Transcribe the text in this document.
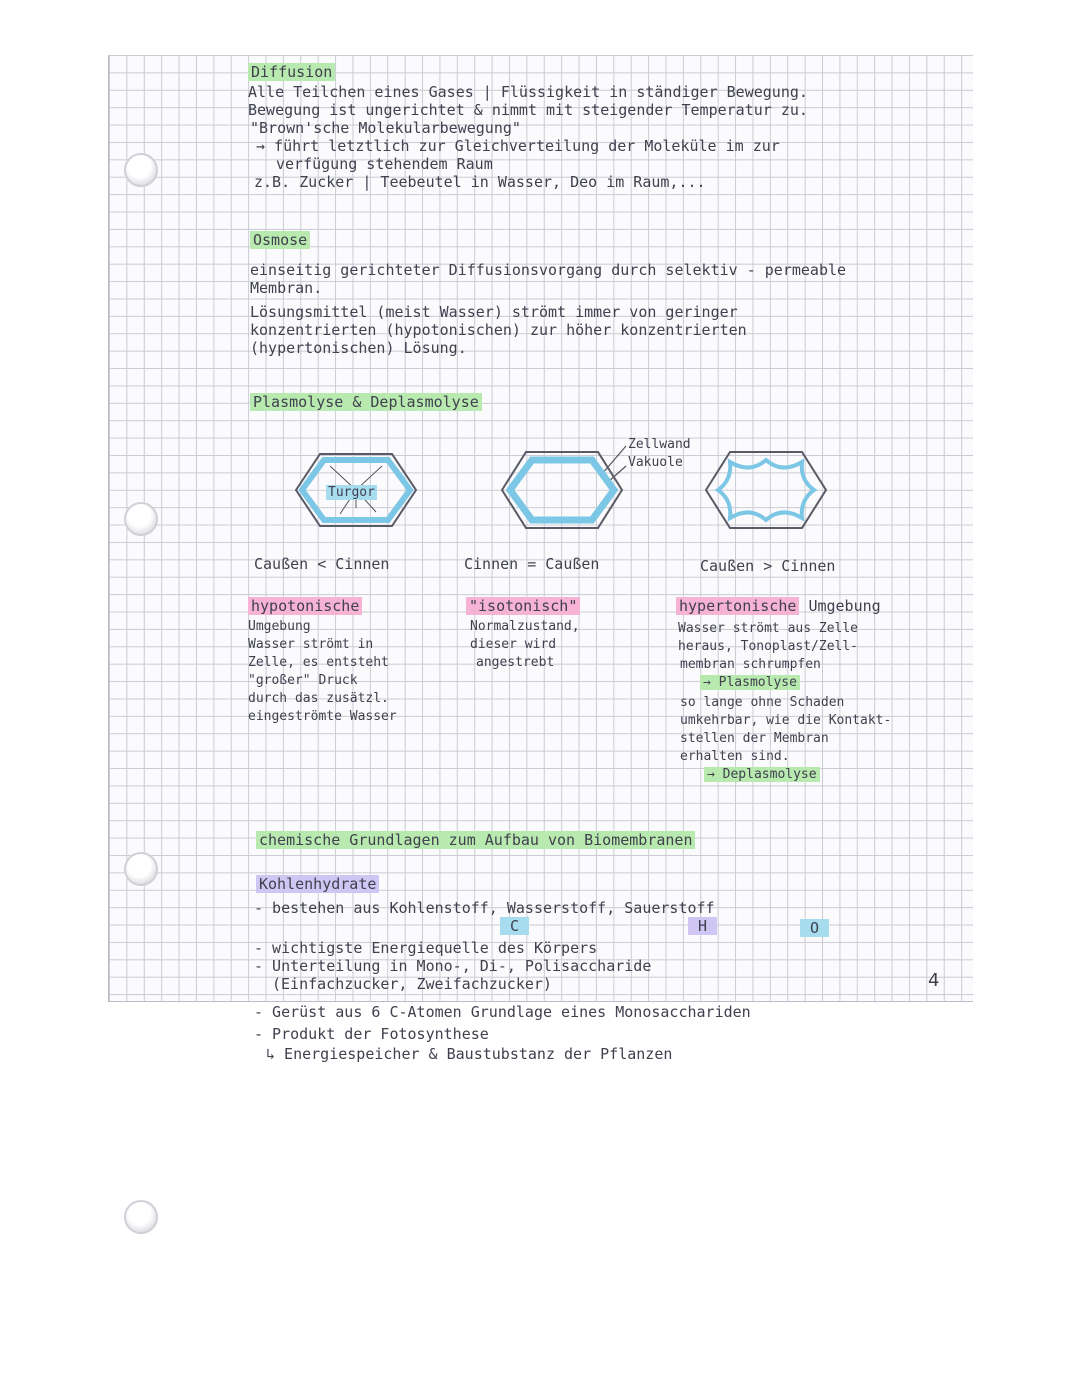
Diffusion
Alle Teilchen eines Gases | Flüssigkeit in ständiger Bewegung.
Bewegung ist ungerichtet & nimmt mit steigender Temperatur zu.
"Brown'sche Molekularbewegung"
→ führt letztlich zur Gleichverteilung der Moleküle im zur
verfügung stehendem Raum
z.B. Zucker | Teebeutel in Wasser, Deo im Raum,...
Osmose
einseitig gerichteter Diffusionsvorgang durch selektiv - permeable
Membran.
Lösungsmittel (meist Wasser) strömt immer von geringer
konzentrierten (hypotonischen) zur höher konzentrierten
(hypertonischen) Lösung.
Plasmolyse & Deplasmolyse
Zellwand
Vakuole
Turgor
Caußen < Cinnen
hypotonische
Umgebung
Wasser strömt in
Zelle, es entsteht
"großer" Druck
durch das zusätzl.
eingeströmte Wasser
Cinnen = Caußen
"isotonisch"
Normalzustand,
dieser wird
angestrebt
Caußen > Cinnen
hypertonische Umgebung
Wasser strömt aus Zelle
heraus, Tonoplast/Zell-
membran schrumpfen
→ Plasmolyse
so lange ohne Schaden
umkehrbar, wie die Kontakt-
stellen der Membran
erhalten sind.
→ Deplasmolyse
chemische Grundlagen zum Aufbau von Biomembranen
Kohlenhydrate
- bestehen aus Kohlenstoff, Wasserstoff, Sauerstoff
C	H	O
- wichtigste Energiequelle des Körpers
- Unterteilung in Mono-, Di-, Polisaccharide
(Einfachzucker, Zweifachzucker)
- Gerüst aus 6 C-Atomen Grundlage eines Monosacchariden
- Produkt der Fotosynthese
↳ Energiespeicher & Baustubstanz der Pflanzen
4
